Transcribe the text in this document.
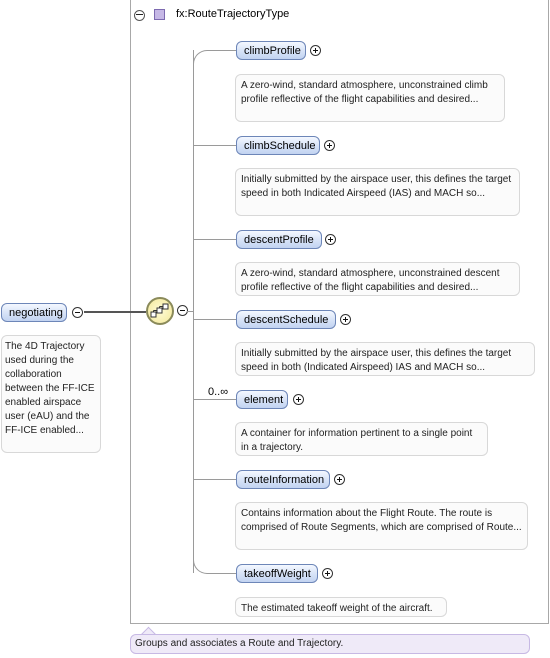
fx:RouteTrajectoryType
negotiating
The 4D Trajectory used during the collaboration between the FF-ICE enabled airspace user (eAU) and the FF-ICE enabled...
climbProfile
A zero-wind, standard atmosphere, unconstrained climb profile reflective of the flight capabilities and desired...
climbSchedule
Initially submitted by the airspace user, this defines the target speed in both Indicated Airspeed (IAS) and MACH so...
descentProfile
A zero-wind, standard atmosphere, unconstrained descent profile reflective of the flight capabilities and desired...
descentSchedule
Initially submitted by the airspace user, this defines the target speed in both (Indicated Airspeed) IAS and MACH so...
0..∞
element
A container for information pertinent to a single point in a trajectory.
routeInformation
Contains information about the Flight Route. The route is comprised of Route Segments, which are comprised of Route...
takeoffWeight
The estimated takeoff weight of the aircraft.
Groups and associates a Route and Trajectory.
